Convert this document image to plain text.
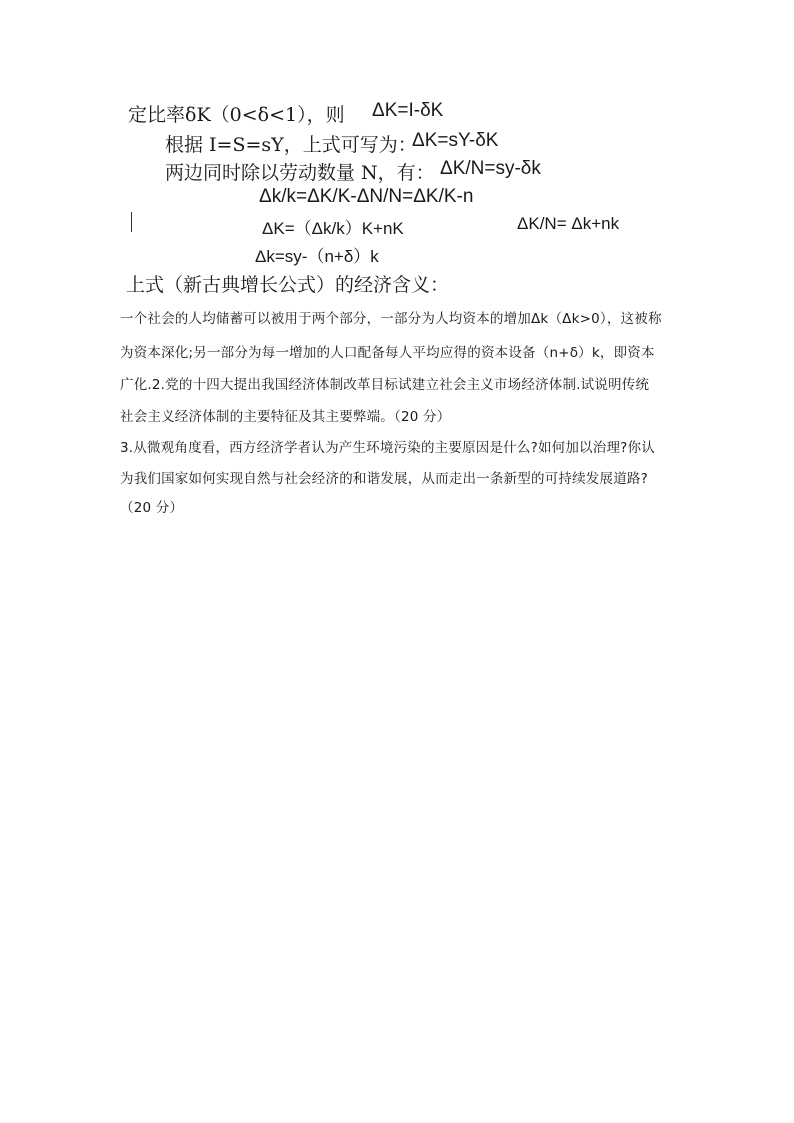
定比率δK（0<δ<1），则 ΔK=I-δK
根据 I=S=sY，上式可写为：
ΔK=sY-δK
两边同时除以劳动数量 N，有： ΔK/N=sy-δk
Δk/k=ΔK/K-ΔN/N=ΔK/K-n
ΔK=（Δk/k）K+nK	ΔK/N= Δk+nk
Δk=sy-（n+δ）k
上式（新古典增长公式）的经济含义：
一个社会的人均储蓄可以被用于两个部分，一部分为人均资本的增加Δk（Δk>0），这被称
为资本深化;另一部分为每一增加的人口配备每人平均应得的资本设备（n+δ）k，即资本
广化.2.党的十四大提出我国经济体制改革目标试建立社会主义市场经济体制.试说明传统
社会主义经济体制的主要特征及其主要弊端。（20 分）
3.从微观角度看，西方经济学者认为产生环境污染的主要原因是什么?如何加以治理?你认
为我们国家如何实现自然与社会经济的和谐发展，从而走出一条新型的可持续发展道路?
（20 分）
